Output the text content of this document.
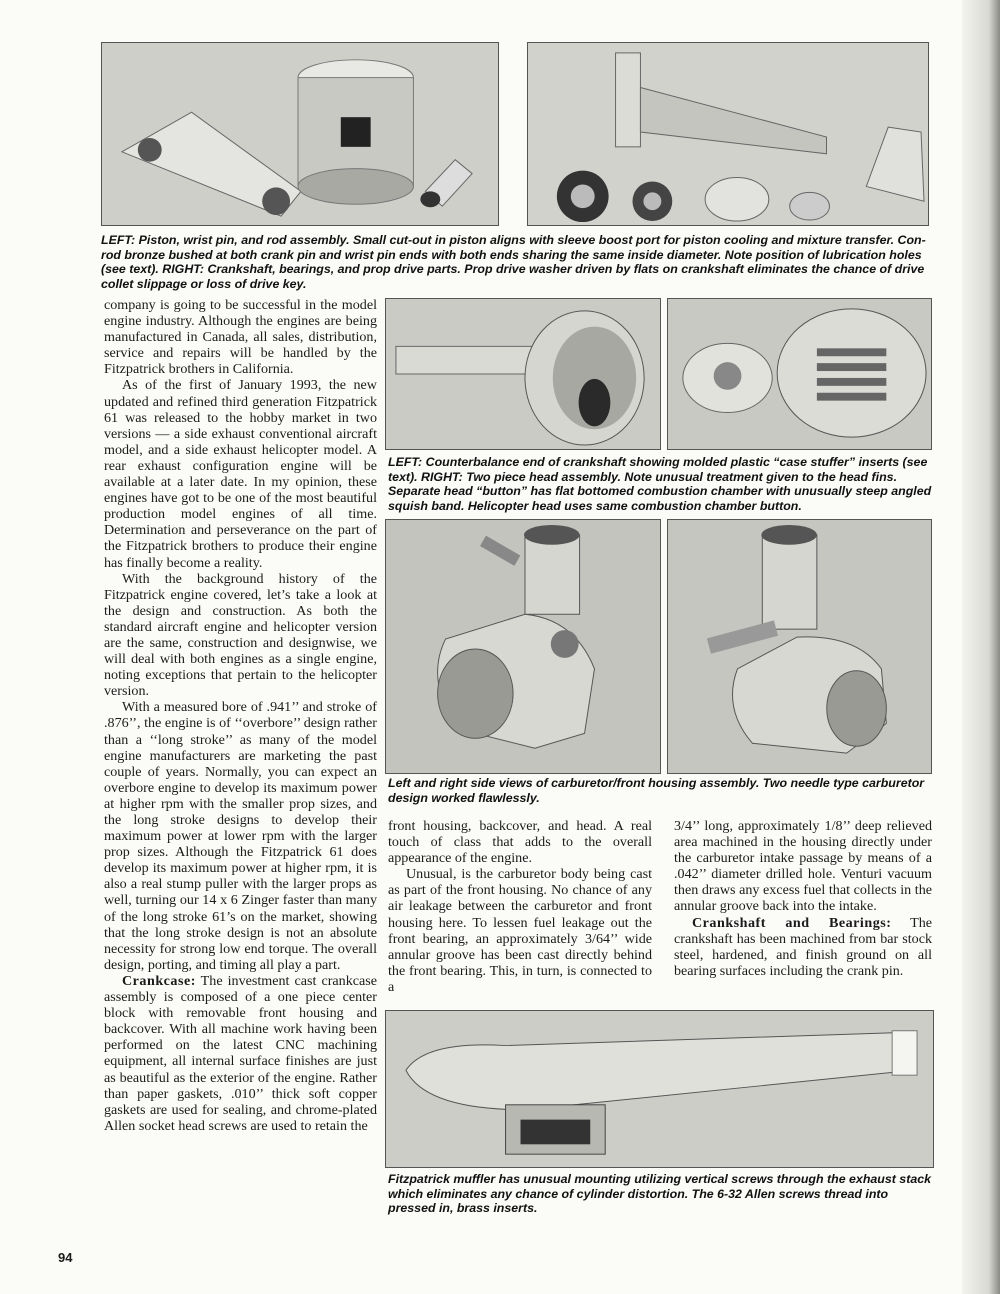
LEFT: Piston, wrist pin, and rod assembly. Small cut-out in piston aligns with sleeve boost port for piston cooling and mixture transfer. Con-rod bronze bushed at both crank pin and wrist pin ends with both ends sharing the same inside diameter. Note position of lubrication holes (see text). RIGHT: Crankshaft, bearings, and prop drive parts. Prop drive washer driven by flats on crankshaft eliminates the chance of drive collet slippage or loss of drive key.

LEFT: Counterbalance end of crankshaft showing molded plastic “case stuffer” inserts (see text). RIGHT: Two piece head assembly. Note unusual treatment given to the head fins. Separate head “button” has flat bottomed combustion chamber with unusually steep angled squish band. Helicopter head uses same combustion chamber button.

Left and right side views of carburetor/front housing assembly. Two needle type carburetor design worked flawlessly.

Fitzpatrick muffler has unusual mounting utilizing vertical screws through the exhaust stack which eliminates any chance of cylinder distortion. The 6-32 Allen screws thread into pressed in, brass inserts.

company is going to be successful in the model engine industry. Although the engines are being manufactured in Canada, all sales, distribution, service and repairs will be handled by the Fitzpatrick brothers in California.

As of the first of January 1993, the new updated and refined third generation Fitzpatrick 61 was released to the hobby market in two versions — a side exhaust conventional aircraft model, and a side exhaust helicopter model. A rear exhaust configuration engine will be available at a later date. In my opinion, these engines have got to be one of the most beautiful production model engines of all time. Determination and perseverance on the part of the Fitzpatrick brothers to produce their engine has finally become a reality.

With the background history of the Fitzpatrick engine covered, let’s take a look at the design and construction. As both the standard aircraft engine and helicopter version are the same, construction and designwise, we will deal with both engines as a single engine, noting exceptions that pertain to the helicopter version.

With a measured bore of .941’’ and stroke of .876’’, the engine is of ‘‘overbore’’ design rather than a ‘‘long stroke’’ as many of the model engine manufacturers are marketing the past couple of years. Normally, you can expect an overbore engine to develop its maximum power at higher rpm with the smaller prop sizes, and the long stroke designs to develop their maximum power at lower rpm with the larger prop sizes. Although the Fitzpatrick 61 does develop its maximum power at higher rpm, it is also a real stump puller with the larger props as well, turning our 14 x 6 Zinger faster than many of the long stroke 61’s on the market, showing that the long stroke design is not an absolute necessity for strong low end torque. The overall design, porting, and timing all play a part.

Crankcase: The investment cast crankcase assembly is composed of a one piece center block with removable front housing and backcover. With all machine work having been performed on the latest CNC machining equipment, all internal surface finishes are just as beautiful as the exterior of the engine. Rather than paper gaskets, .010’’ thick soft copper gaskets are used for sealing, and chrome-plated Allen socket head screws are used to retain the

front housing, backcover, and head. A real touch of class that adds to the overall appearance of the engine.

Unusual, is the carburetor body being cast as part of the front housing. No chance of any air leakage between the carburetor and front housing here. To lessen fuel leakage out the front bearing, an approximately 3/64’’ wide annular groove has been cast directly behind the front bearing. This, in turn, is connected to a

3/4’’ long, approximately 1/8’’ deep relieved area machined in the housing directly under the carburetor intake passage by means of a .042’’ diameter drilled hole. Venturi vacuum then draws any excess fuel that collects in the annular groove back into the intake.

Crankshaft and Bearings: The crankshaft has been machined from bar stock steel, hardened, and finish ground on all bearing surfaces including the crank pin.

94
